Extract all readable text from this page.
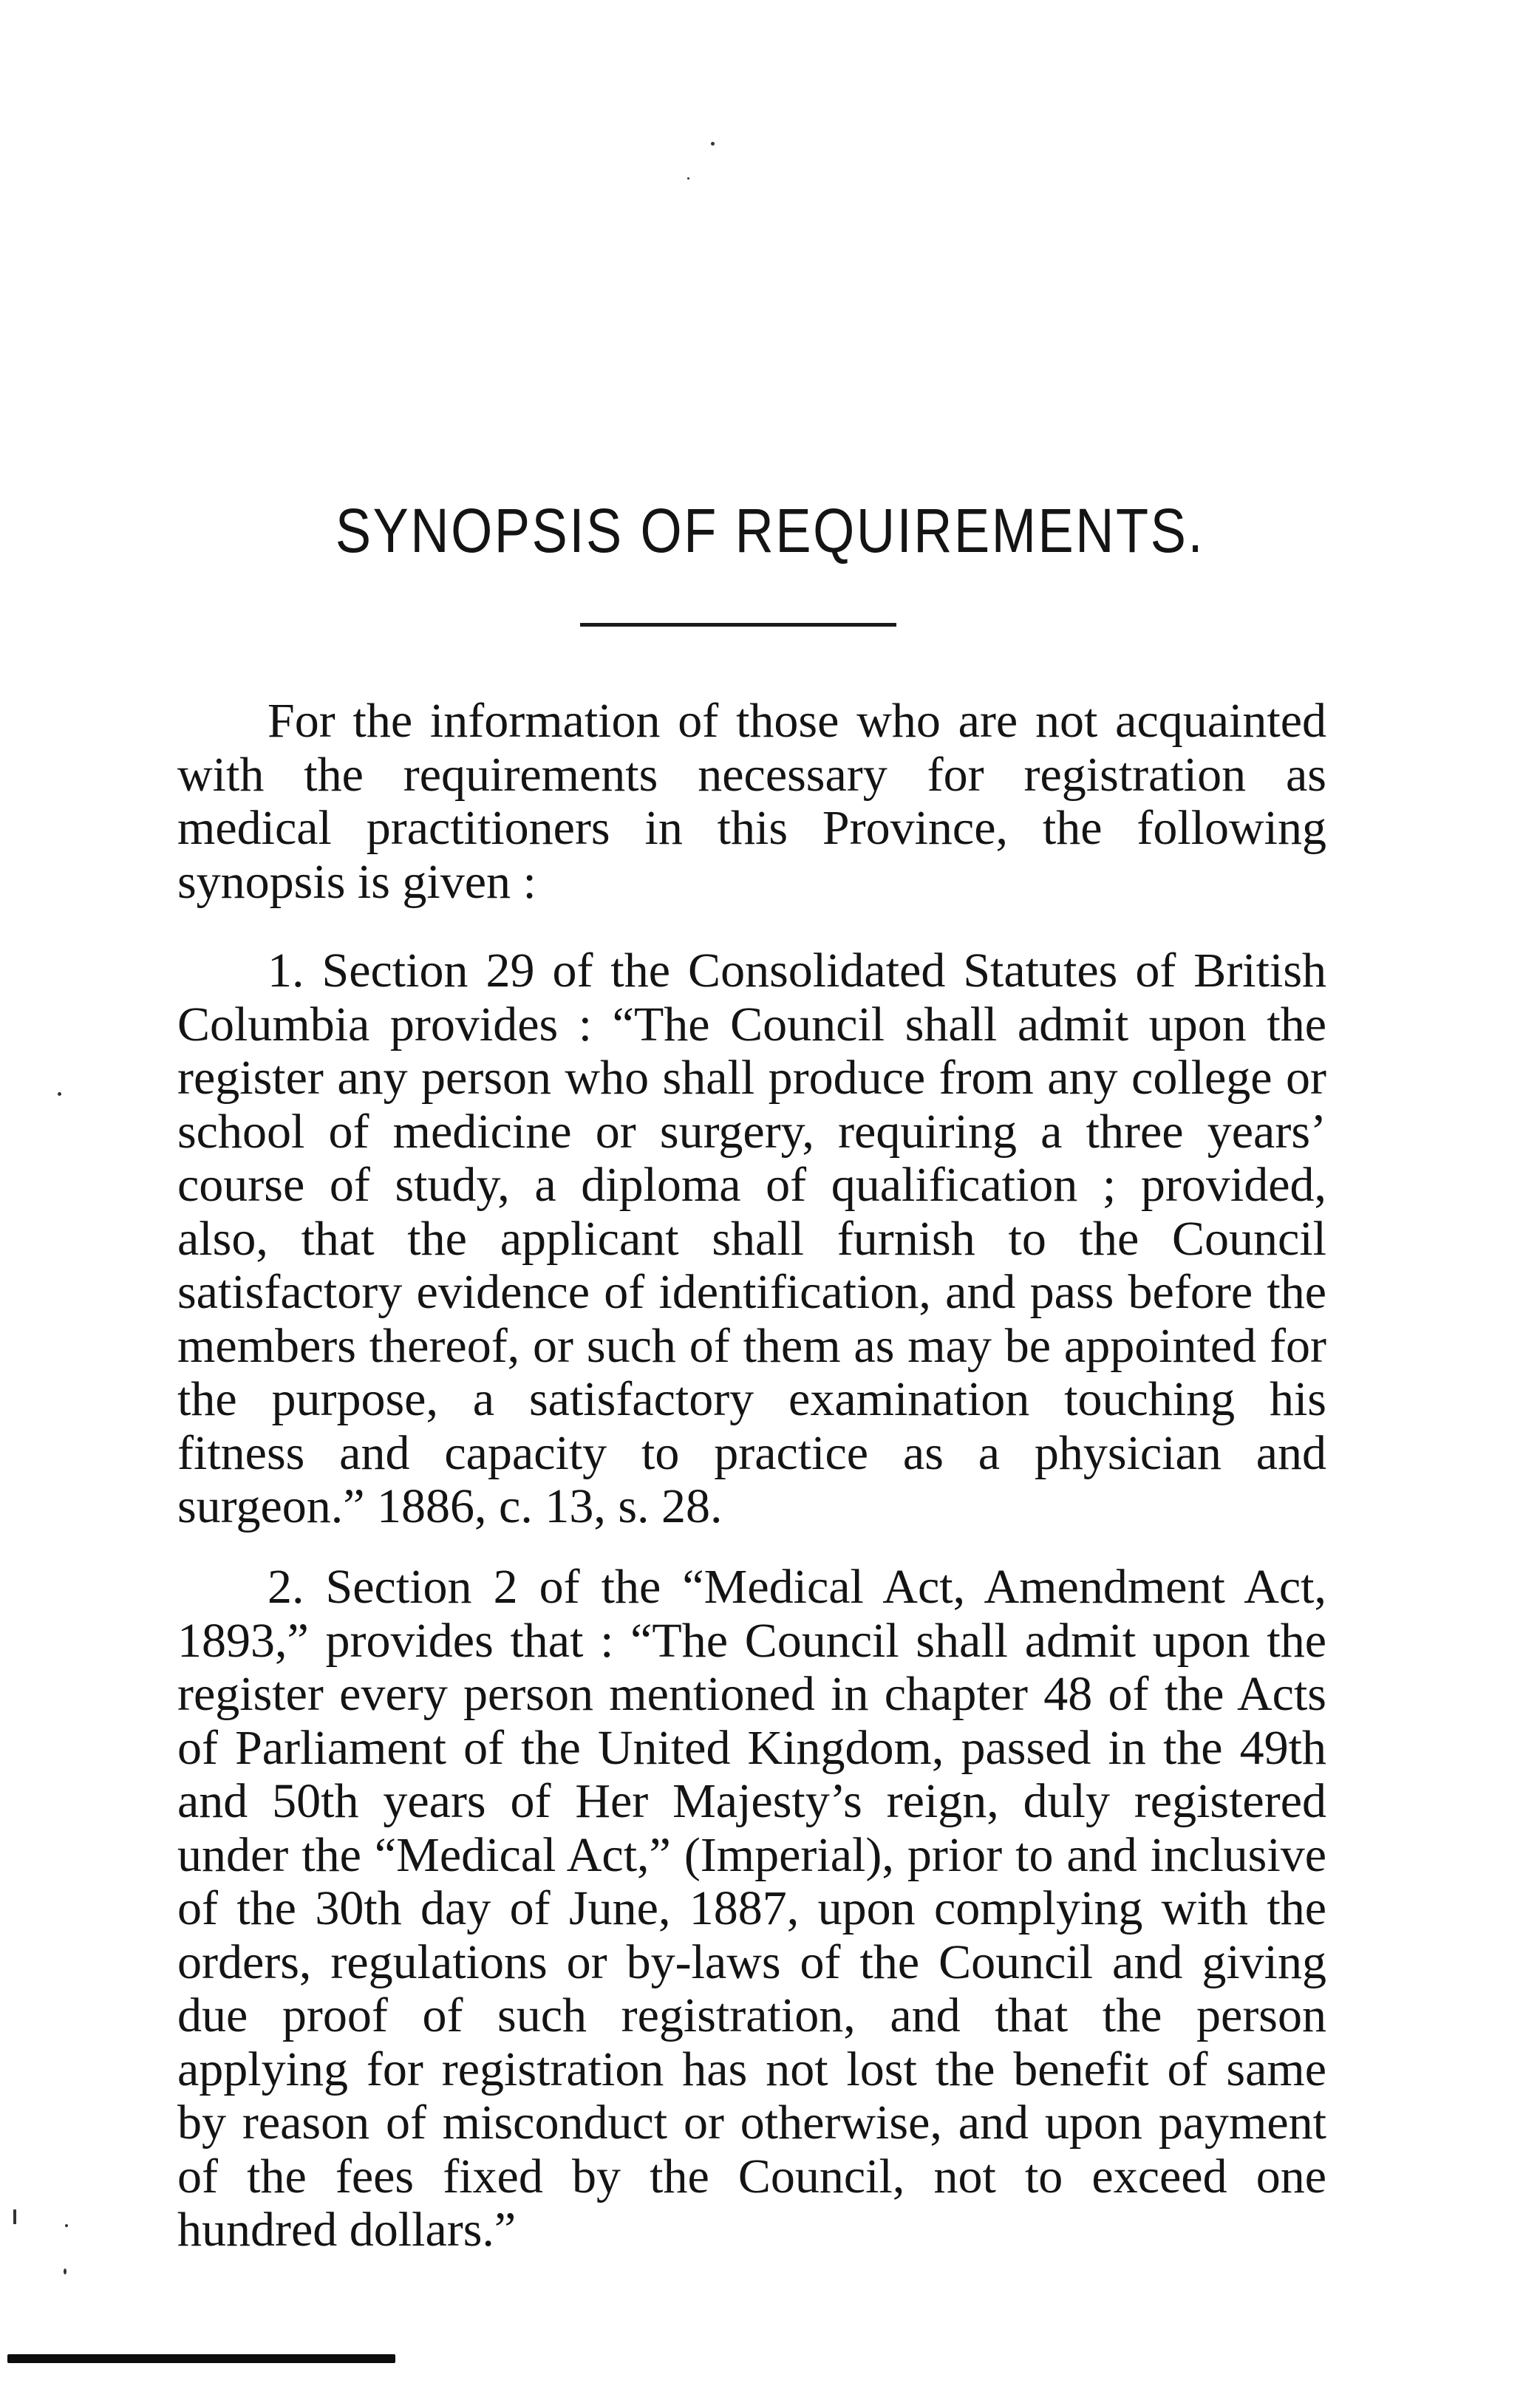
SYNOPSIS OF REQUIREMENTS.

For the information of those who are not acquainted with the requirements necessary for registration as medical practitioners in this Province, the following synopsis is given :

1. Section 29 of the Consolidated Statutes of British Columbia provides : “The Council shall admit upon the register any person who shall produce from any college or school of medicine or surgery, requiring a three years’ course of study, a diploma of qualification ; provided, also, that the applicant shall furnish to the Council satisfactory evidence of identification, and pass before the members thereof, or such of them as may be appointed for the purpose, a satisfactory examination touching his fitness and capacity to practice as a physician and surgeon.” 1886, c. 13, s. 28.

2. Section 2 of the “Medical Act, Amendment Act, 1893,” provides that : “The Council shall admit upon the register every person mentioned in chapter 48 of the Acts of Parliament of the United Kingdom, passed in the 49th and 50th years of Her Majesty’s reign, duly registered under the “Medical Act,” (Imperial), prior to and inclusive of the 30th day of June, 1887, upon complying with the orders, regulations or by-laws of the Council and giving due proof of such registration, and that the person applying for registration has not lost the benefit of same by reason of misconduct or otherwise, and upon payment of the fees fixed by the Council, not to exceed one hundred dollars.”
